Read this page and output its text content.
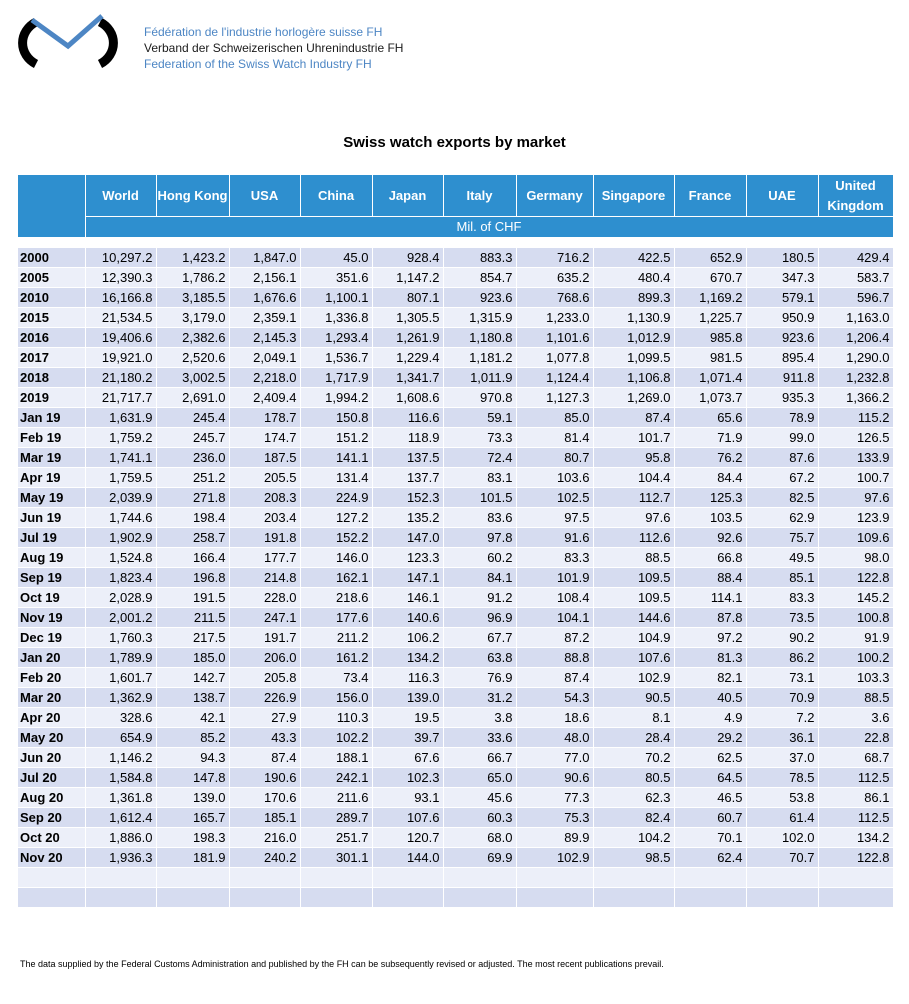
Fédération de l'industrie horlogère suisse FH
Verband der Schweizerischen Uhrenindustrie FH
Federation of the Swiss Watch Industry FH
Swiss watch exports by market
	World	Hong Kong	USA	China	Japan	Italy	Germany	Singapore	France	UAE	United Kingdom
	Mil. of CHF										

2000	10,297.2	1,423.2	1,847.0	45.0	928.4	883.3	716.2	422.5	652.9	180.5	429.4
2005	12,390.3	1,786.2	2,156.1	351.6	1,147.2	854.7	635.2	480.4	670.7	347.3	583.7
2010	16,166.8	3,185.5	1,676.6	1,100.1	807.1	923.6	768.6	899.3	1,169.2	579.1	596.7
2015	21,534.5	3,179.0	2,359.1	1,336.8	1,305.5	1,315.9	1,233.0	1,130.9	1,225.7	950.9	1,163.0
2016	19,406.6	2,382.6	2,145.3	1,293.4	1,261.9	1,180.8	1,101.6	1,012.9	985.8	923.6	1,206.4
2017	19,921.0	2,520.6	2,049.1	1,536.7	1,229.4	1,181.2	1,077.8	1,099.5	981.5	895.4	1,290.0
2018	21,180.2	3,002.5	2,218.0	1,717.9	1,341.7	1,011.9	1,124.4	1,106.8	1,071.4	911.8	1,232.8
2019	21,717.7	2,691.0	2,409.4	1,994.2	1,608.6	970.8	1,127.3	1,269.0	1,073.7	935.3	1,366.2
Jan 19	1,631.9	245.4	178.7	150.8	116.6	59.1	85.0	87.4	65.6	78.9	115.2
Feb 19	1,759.2	245.7	174.7	151.2	118.9	73.3	81.4	101.7	71.9	99.0	126.5
Mar 19	1,741.1	236.0	187.5	141.1	137.5	72.4	80.7	95.8	76.2	87.6	133.9
Apr 19	1,759.5	251.2	205.5	131.4	137.7	83.1	103.6	104.4	84.4	67.2	100.7
May 19	2,039.9	271.8	208.3	224.9	152.3	101.5	102.5	112.7	125.3	82.5	97.6
Jun 19	1,744.6	198.4	203.4	127.2	135.2	83.6	97.5	97.6	103.5	62.9	123.9
Jul 19	1,902.9	258.7	191.8	152.2	147.0	97.8	91.6	112.6	92.6	75.7	109.6
Aug 19	1,524.8	166.4	177.7	146.0	123.3	60.2	83.3	88.5	66.8	49.5	98.0
Sep 19	1,823.4	196.8	214.8	162.1	147.1	84.1	101.9	109.5	88.4	85.1	122.8
Oct 19	2,028.9	191.5	228.0	218.6	146.1	91.2	108.4	109.5	114.1	83.3	145.2
Nov 19	2,001.2	211.5	247.1	177.6	140.6	96.9	104.1	144.6	87.8	73.5	100.8
Dec 19	1,760.3	217.5	191.7	211.2	106.2	67.7	87.2	104.9	97.2	90.2	91.9
Jan 20	1,789.9	185.0	206.0	161.2	134.2	63.8	88.8	107.6	81.3	86.2	100.2
Feb 20	1,601.7	142.7	205.8	73.4	116.3	76.9	87.4	102.9	82.1	73.1	103.3
Mar 20	1,362.9	138.7	226.9	156.0	139.0	31.2	54.3	90.5	40.5	70.9	88.5
Apr 20	328.6	42.1	27.9	110.3	19.5	3.8	18.6	8.1	4.9	7.2	3.6
May 20	654.9	85.2	43.3	102.2	39.7	33.6	48.0	28.4	29.2	36.1	22.8
Jun 20	1,146.2	94.3	87.4	188.1	67.6	66.7	77.0	70.2	62.5	37.0	68.7
Jul 20	1,584.8	147.8	190.6	242.1	102.3	65.0	90.6	80.5	64.5	78.5	112.5
Aug 20	1,361.8	139.0	170.6	211.6	93.1	45.6	77.3	62.3	46.5	53.8	86.1
Sep 20	1,612.4	165.7	185.1	289.7	107.6	60.3	75.3	82.4	60.7	61.4	112.5
Oct 20	1,886.0	198.3	216.0	251.7	120.7	68.0	89.9	104.2	70.1	102.0	134.2
Nov 20	1,936.3	181.9	240.2	301.1	144.0	69.9	102.9	98.5	62.4	70.7	122.8

The data supplied by the Federal Customs Administration and published by the FH can be subsequently revised or adjusted. The most recent publications prevail.
